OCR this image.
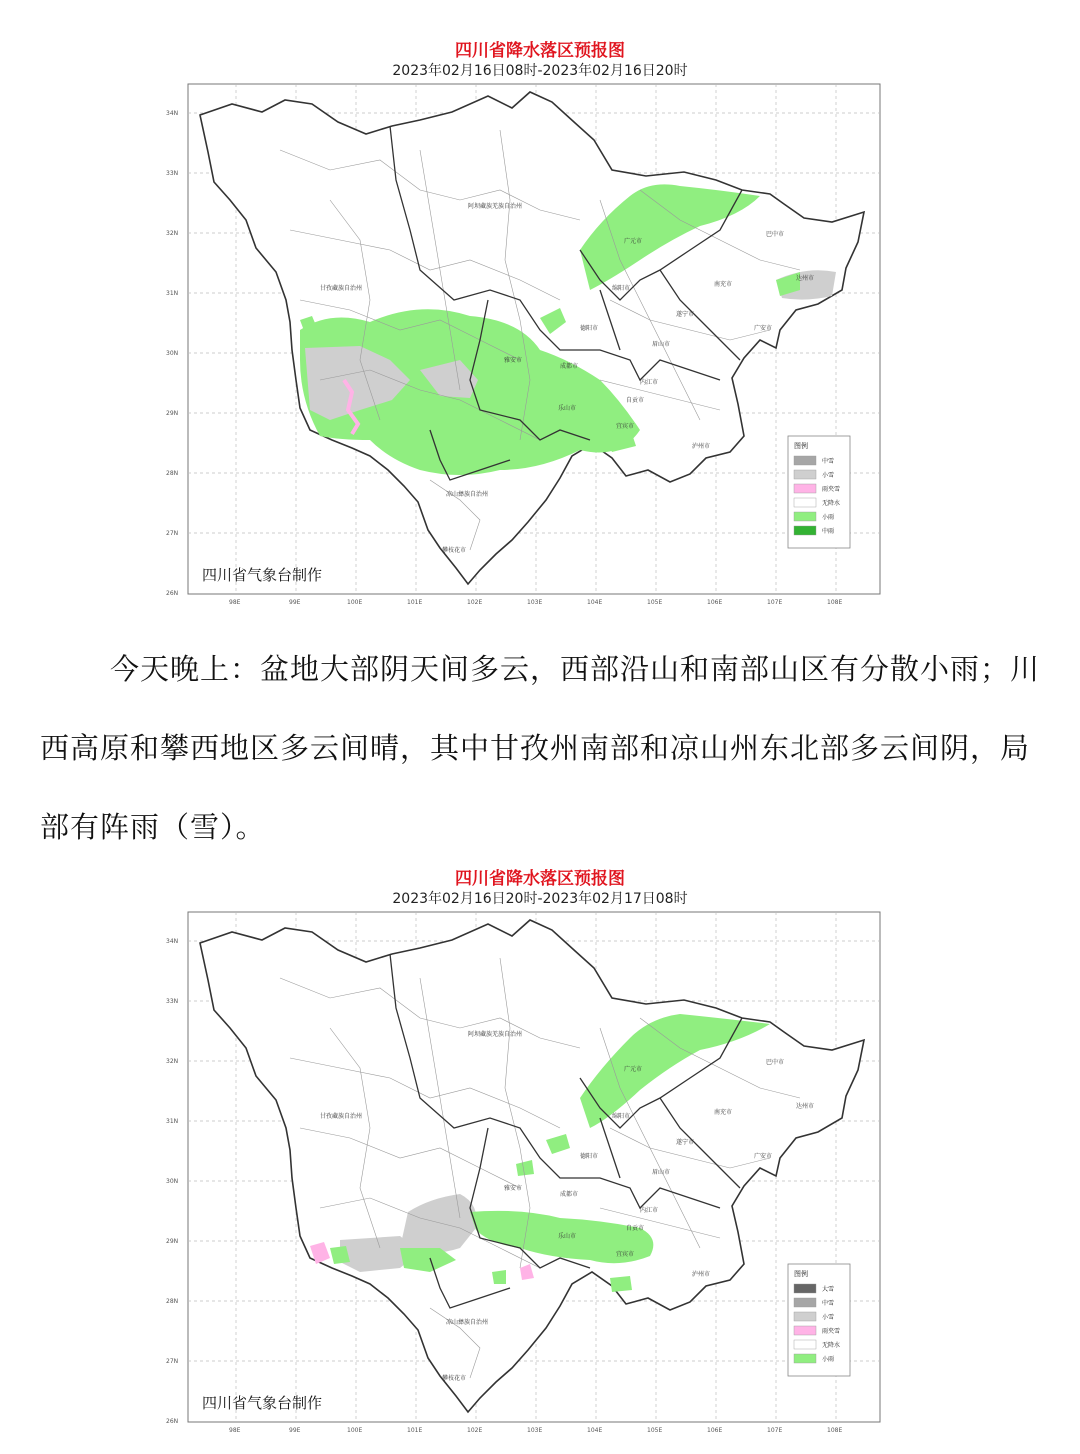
四川省降水落区预报图
2023年02月16日08时-2023年02月16日20时
34N
33N
32N
31N
30N
29N
28N
27N
26N
98E	99E	100E	101E	102E	103E	104E	105E	106E	107E	108E
阿坝藏族羌族自治州
甘孜藏族自治州
凉山彝族自治州
攀枝花市
广元市
巴中市
达州市
绵阳市
南充市
德阳市
遂宁市
成都市
雅安市
乐山市
内江市
自贡市
宜宾市
泸州市
眉山市
广安市
图例
中雪
小雪
雨夹雪
无降水
小雨
中雨
四川省气象台制作

今天晚上：盆地大部阴天间多云，西部沿山和南部山区有分散小雨；川西高原和攀西地区多云间晴，其中甘孜州南部和凉山州东北部多云间阴，局部有阵雨（雪）。

四川省降水落区预报图
2023年02月16日20时-2023年02月17日08时
34N
33N
32N
31N
30N
29N
28N
27N
26N
98E	99E	100E	101E	102E	103E	104E	105E	106E	107E	108E
阿坝藏族羌族自治州
甘孜藏族自治州
凉山彝族自治州
攀枝花市
广元市
巴中市
达州市
绵阳市
南充市
德阳市
遂宁市
成都市
雅安市
乐山市
内江市
自贡市
宜宾市
泸州市
眉山市
广安市
图例
大雪
中雪
小雪
雨夹雪
无降水
小雨
四川省气象台制作
